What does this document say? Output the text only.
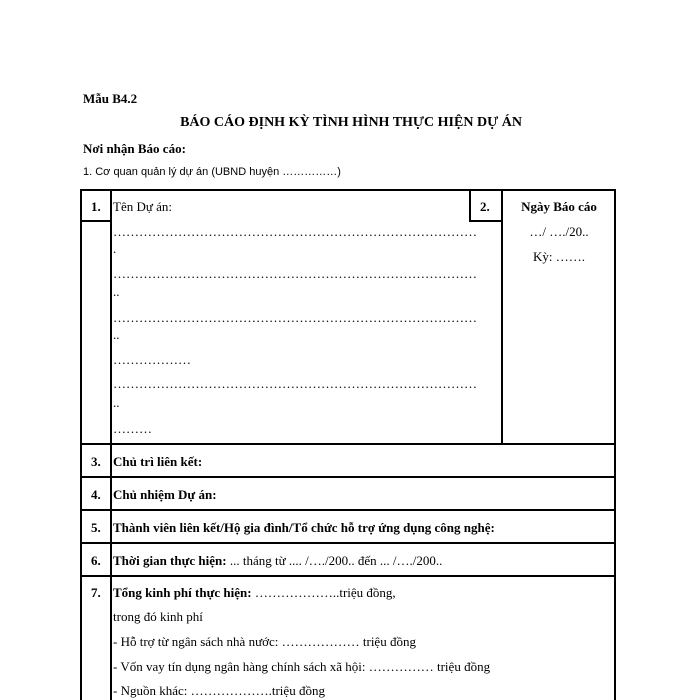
Mẫu B4.2
BÁO CÁO ĐỊNH KỲ TÌNH HÌNH THỰC HIỆN DỰ ÁN
Nơi nhận Báo cáo:
1. Cơ quan quản lý dự án (UBND huyện ……………)
1. Tên Dự án:
…………………………………………………………………………
.
…………………………………………………………………………
..
…………………………………………………………………………
..
………………
…………………………………………………………………………
..
………
2.	Ngày Báo cáo
…/ …./20..
Kỳ: …….
3. Chủ trì liên kết:
4. Chủ nhiệm Dự án:
5. Thành viên liên kết/Hộ gia đình/Tổ chức hỗ trợ ứng dụng công nghệ:
6. Thời gian thực hiện: ... tháng từ .... /…./200.. đến ... /…./200..
7. Tổng kinh phí thực hiện: ………………..triệu đồng,
trong đó kinh phí
- Hỗ trợ từ ngân sách nhà nước: ……………… triệu đồng
- Vốn vay tín dụng ngân hàng chính sách xã hội: …………… triệu đồng
- Nguồn khác: ……………….triệu đồng
